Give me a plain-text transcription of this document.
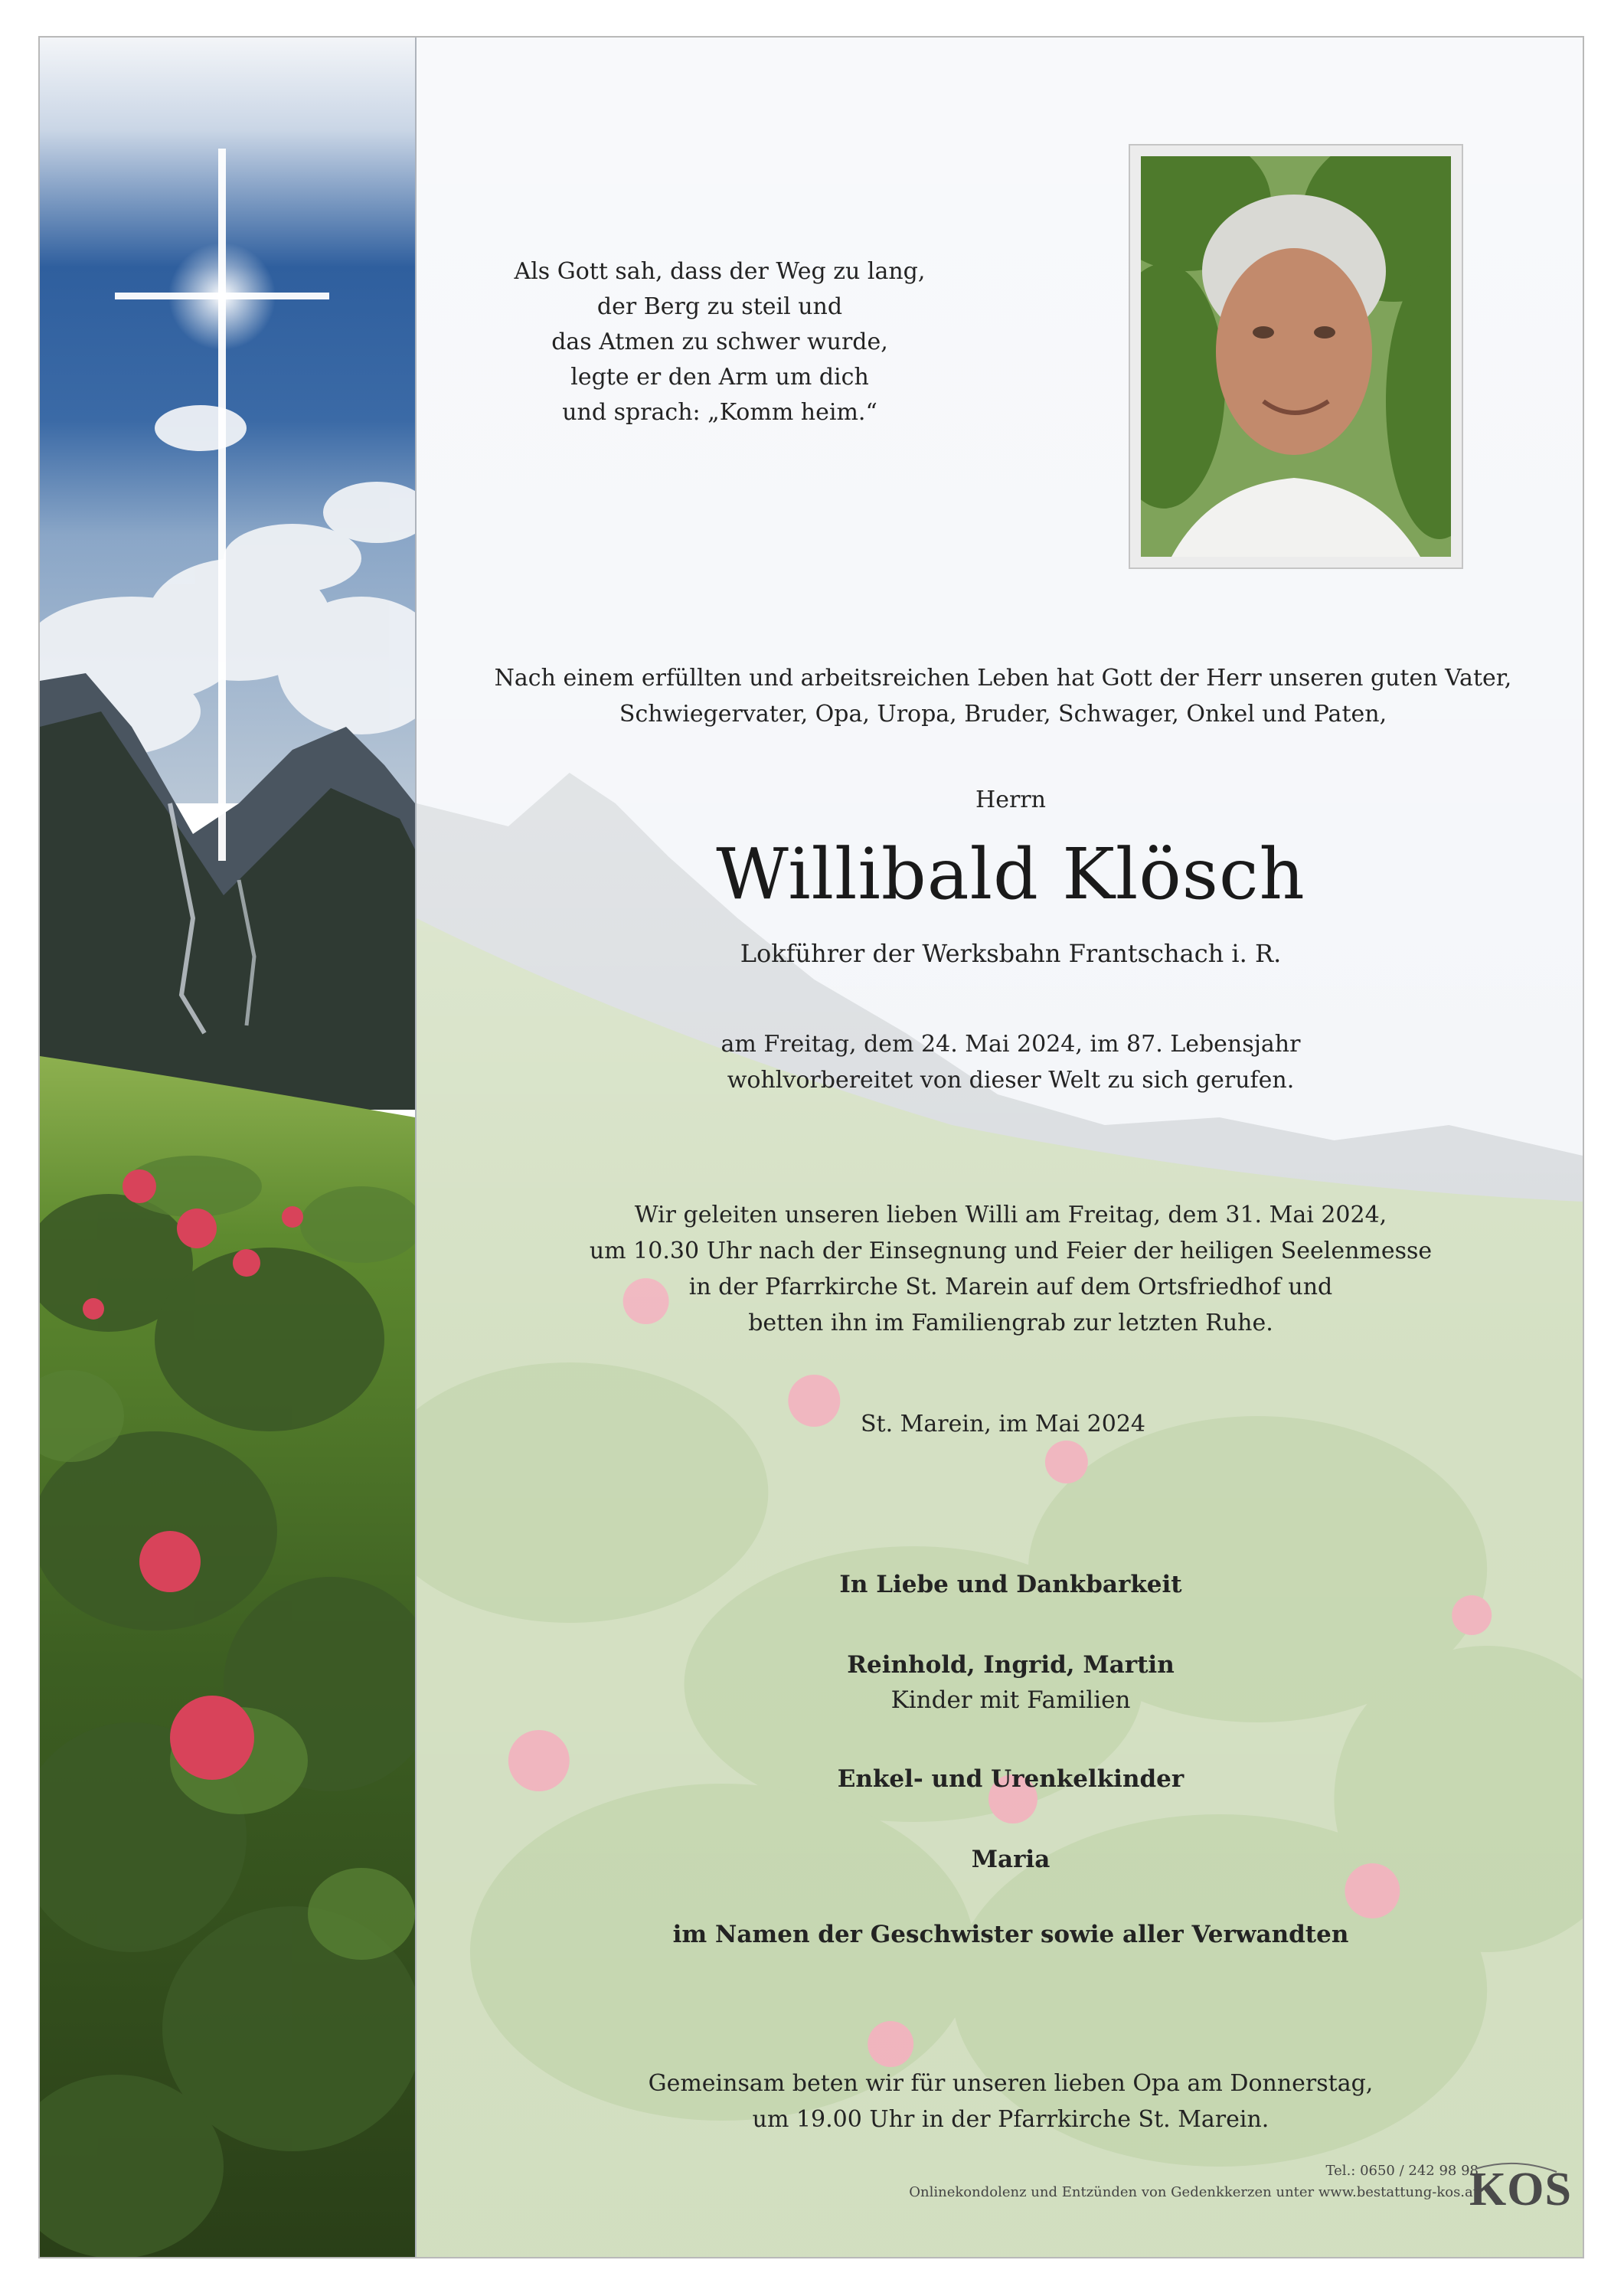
Als Gott sah, dass der Weg zu lang,
der Berg zu steil und
das Atmen zu schwer wurde,
legte er den Arm um dich
und sprach: „Komm heim.“
Nach einem erfüllten und arbeitsreichen Leben hat Gott der Herr unseren guten Vater,
Schwiegervater, Opa, Uropa, Bruder, Schwager, Onkel und Paten,
Herrn
Willibald Klösch
Lokführer der Werksbahn Frantschach i. R.
am Freitag, dem 24. Mai 2024, im 87. Lebensjahr
wohlvorbereitet von dieser Welt zu sich gerufen.
Wir geleiten unseren lieben Willi am Freitag, dem 31. Mai 2024,
um 10.30 Uhr nach der Einsegnung und Feier der heiligen Seelenmesse
in der Pfarrkirche St. Marein auf dem Ortsfriedhof und
betten ihn im Familiengrab zur letzten Ruhe.
St. Marein, im Mai 2024
In Liebe und Dankbarkeit
Reinhold, Ingrid, Martin
Kinder mit Familien
Enkel- und Urenkelkinder
Maria
im Namen der Geschwister sowie aller Verwandten
Gemeinsam beten wir für unseren lieben Opa am Donnerstag,
um 19.00 Uhr in der Pfarrkirche St. Marein.
Tel.: 0650 / 242 98 98
Onlinekondolenz und Entzünden von Gedenkkerzen unter www.bestattung-kos.at
KOS
